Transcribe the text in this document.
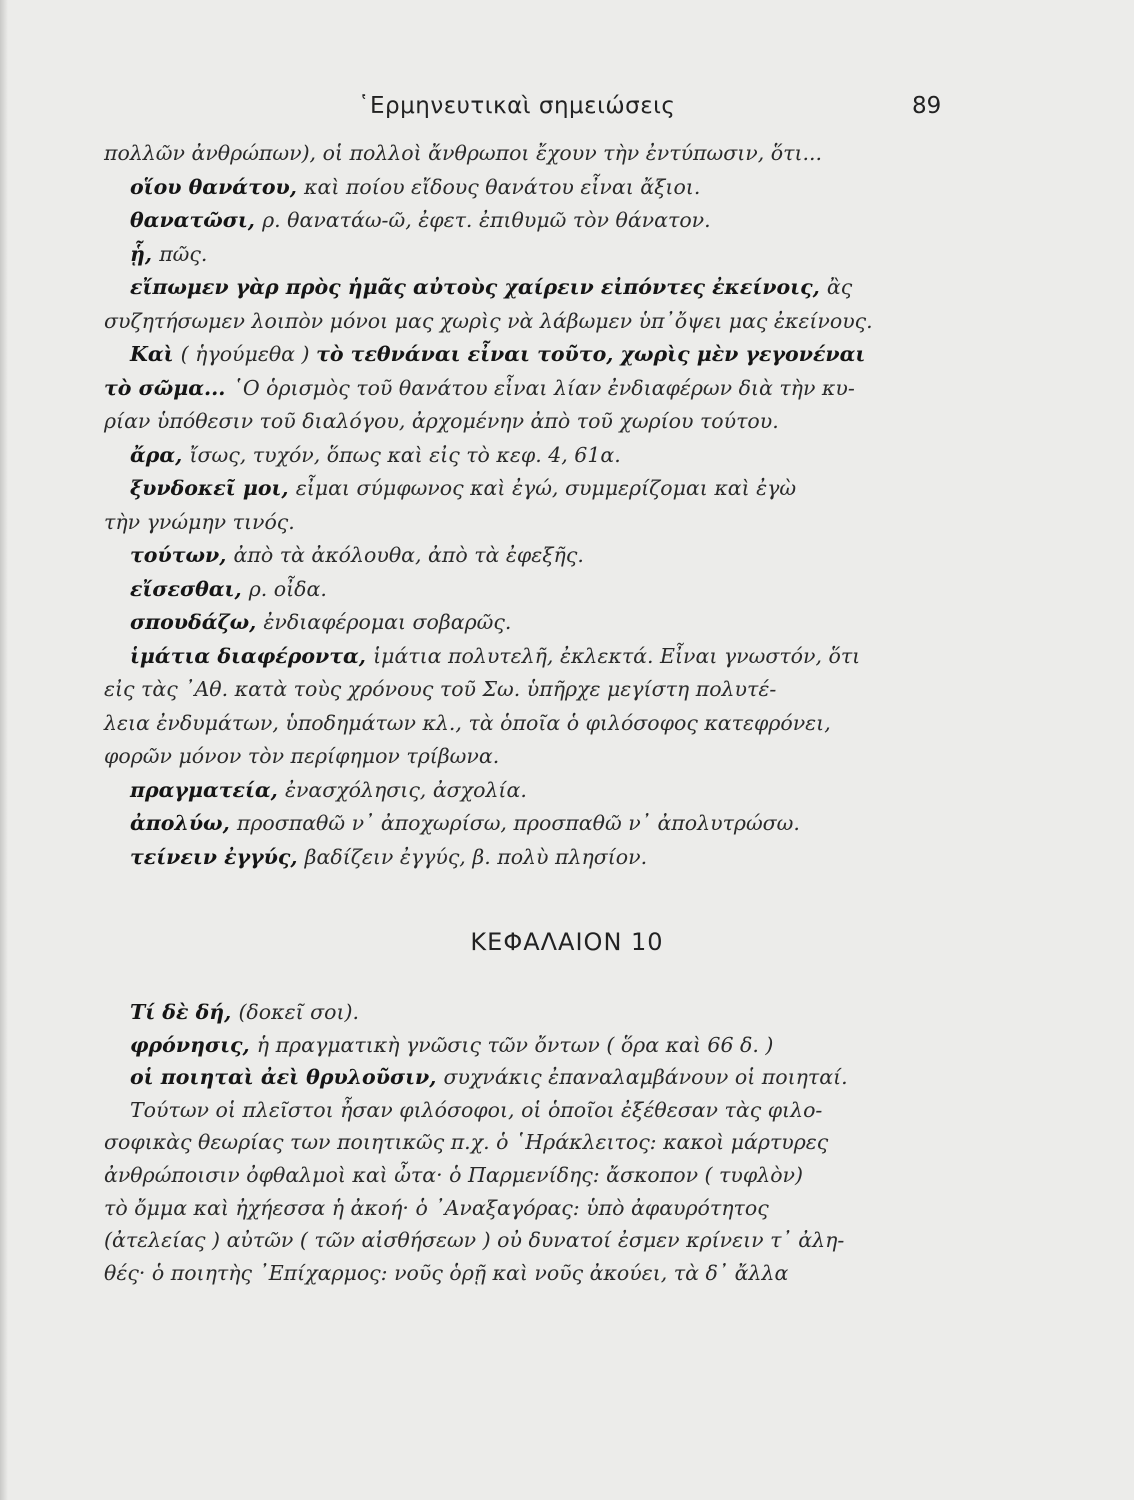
῾Ερμηνευτικαὶ σημειώσεις	89
πολλῶν ἀνθρώπων), οἱ πολλοὶ ἄνθρωποι ἔχουν τὴν ἐντύπωσιν, ὅτι...
οἵου θανάτου, καὶ ποίου εἴδους θανάτου εἶναι ἄξιοι.
θανατῶσι, ρ. θανατάω-ῶ, ἐφετ. ἐπιθυμῶ τὸν θάνατον.
ᾗ, πῶς.
εἴπωμεν γὰρ πρὸς ἡμᾶς αὐτοὺς χαίρειν εἰπόντες ἐκείνοις, ἂς
συζητήσωμεν λοιπὸν μόνοι μας χωρὶς νὰ λάβωμεν ὑπ᾽ὄψει μας ἐκείνους.
Καὶ ( ἡγούμεθα ) τὸ τεθνάναι εἶναι τοῦτο, χωρὶς μὲν γεγονέναι
τὸ σῶμα... ῾Ο ὁρισμὸς τοῦ θανάτου εἶναι λίαν ἐνδιαφέρων διὰ τὴν κυ-
ρίαν ὑπόθεσιν τοῦ διαλόγου, ἀρχομένην ἀπὸ τοῦ χωρίου τούτου.
ἄρα, ἴσως, τυχόν, ὅπως καὶ εἰς τὸ κεφ. 4, 61α.
ξυνδοκεῖ μοι, εἶμαι σύμφωνος καὶ ἐγώ, συμμερίζομαι καὶ ἐγὼ
τὴν γνώμην τινός.
τούτων, ἀπὸ τὰ ἀκόλουθα, ἀπὸ τὰ ἐφεξῆς.
εἴσεσθαι, ρ. οἶδα.
σπουδάζω, ἐνδιαφέρομαι σοβαρῶς.
ἱμάτια διαφέροντα, ἱμάτια πολυτελῆ, ἐκλεκτά. Εἶναι γνωστόν, ὅτι
εἰς τὰς ᾽Αθ. κατὰ τοὺς χρόνους τοῦ Σω. ὑπῆρχε μεγίστη πολυτέ-
λεια ἐνδυμάτων, ὑποδημάτων κλ., τὰ ὁποῖα ὁ φιλόσοφος κατεφρόνει,
φορῶν μόνον τὸν περίφημον τρίβωνα.
πραγματεία, ἐνασχόλησις, ἀσχολία.
ἀπολύω, προσπαθῶ ν᾽ ἀποχωρίσω, προσπαθῶ ν᾽ ἀπολυτρώσω.
τείνειν ἐγγύς, βαδίζειν ἐγγύς, β. πολὺ πλησίον.
ΚΕΦΑΛΑΙΟΝ 10
Τί δὲ δή, (δοκεῖ σοι).
φρόνησις, ἡ πραγματικὴ γνῶσις τῶν ὄντων ( ὅρα καὶ 66 δ. )
οἱ ποιηταὶ ἀεὶ θρυλοῦσιν, συχνάκις ἐπαναλαμβάνουν οἱ ποιηταί.
Τούτων οἱ πλεῖστοι ἦσαν φιλόσοφοι, οἱ ὁποῖοι ἐξέθεσαν τὰς φιλο-
σοφικὰς θεωρίας των ποιητικῶς π.χ. ὁ ῾Ηράκλειτος: κακοὶ μάρτυρες
ἀνθρώποισιν ὀφθαλμοὶ καὶ ὦτα· ὁ Παρμενίδης: ἄσκοπον ( τυφλὸν)
τὸ ὄμμα καὶ ἠχήεσσα ἡ ἀκοή· ὁ ᾽Αναξαγόρας: ὑπὸ ἀφαυρότητος
(ἀτελείας ) αὐτῶν ( τῶν αἰσθήσεων ) οὐ δυνατοί ἐσμεν κρίνειν τ᾽ ἀλη-
θές· ὁ ποιητὴς ᾽Επίχαρμος: νοῦς ὁρῇ καὶ νοῦς ἀκούει, τὰ δ᾽ ἄλλα
